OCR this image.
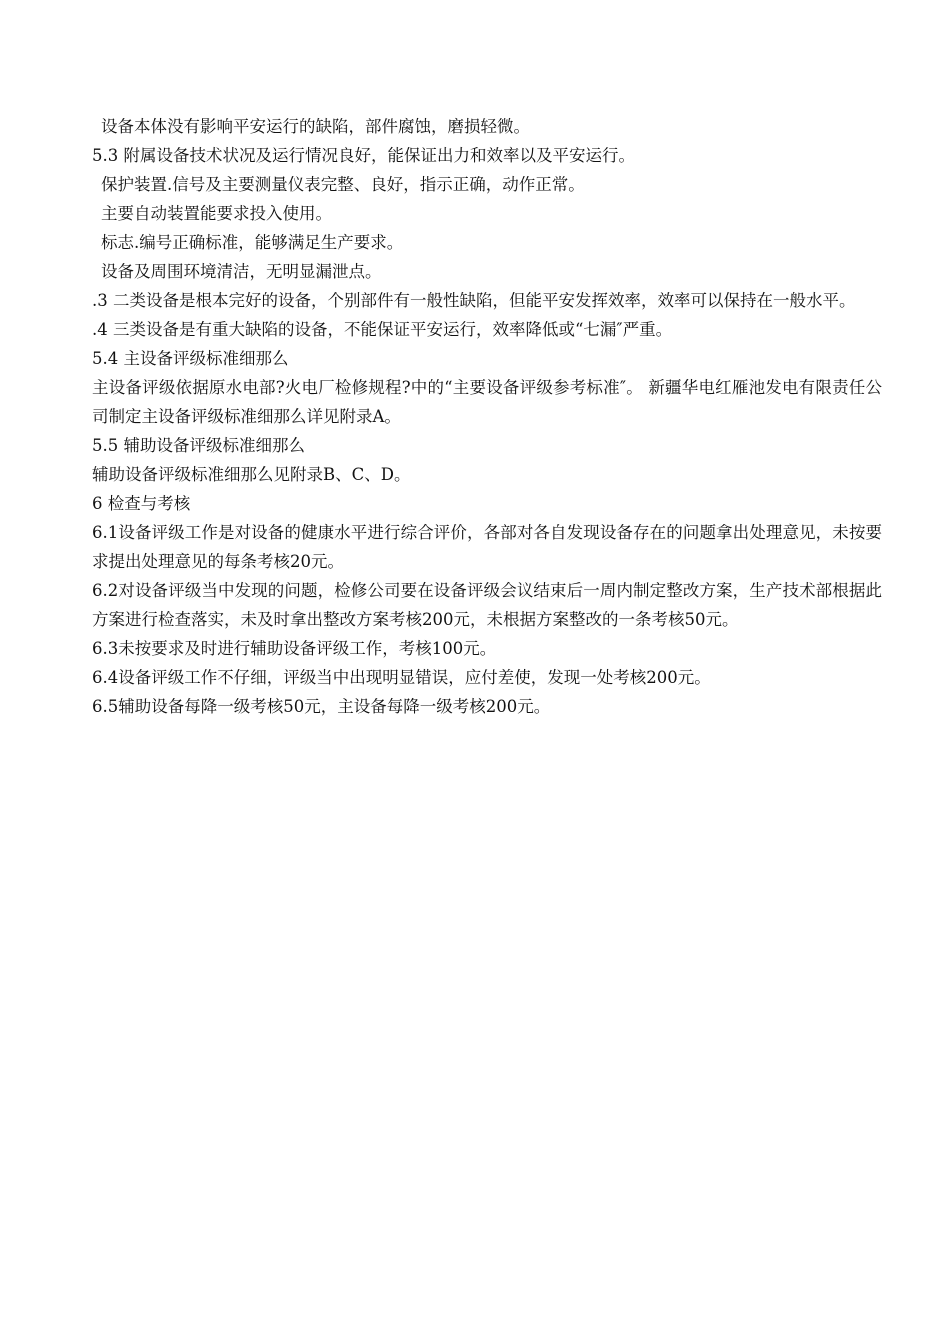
设备本体没有影响平安运行的缺陷，部件腐蚀，磨损轻微。

5.3 附属设备技术状况及运行情况良好，能保证出力和效率以及平安运行。

保护装置.信号及主要测量仪表完整、良好，指示正确，动作正常。

主要自动装置能要求投入使用。

标志.编号正确标准，能够满足生产要求。

设备及周围环境清洁，无明显漏泄点。

.3 二类设备是根本完好的设备，个别部件有一般性缺陷，但能平安发挥效率，效率可以保持在一般水平。

.4 三类设备是有重大缺陷的设备，不能保证平安运行，效率降低或“七漏″严重。

5.4 主设备评级标准细那么

主设备评级依据原水电部?火电厂检修规程?中的“主要设备评级参考标准″。 新疆华电红雁池发电有限责任公司制定主设备评级标准细那么详见附录A。

5.5 辅助设备评级标准细那么

辅助设备评级标准细那么见附录B、C、D。

6 检查与考核

6.1设备评级工作是对设备的健康水平进行综合评价，各部对各自发现设备存在的问题拿出处理意见，未按要求提出处理意见的每条考核20元。

6.2对设备评级当中发现的问题，检修公司要在设备评级会议结束后一周内制定整改方案，生产技术部根据此方案进行检查落实，未及时拿出整改方案考核200元，未根据方案整改的一条考核50元。

6.3未按要求及时进行辅助设备评级工作，考核100元。

6.4设备评级工作不仔细，评级当中出现明显错误，应付差使，发现一处考核200元。

6.5辅助设备每降一级考核50元，主设备每降一级考核200元。
